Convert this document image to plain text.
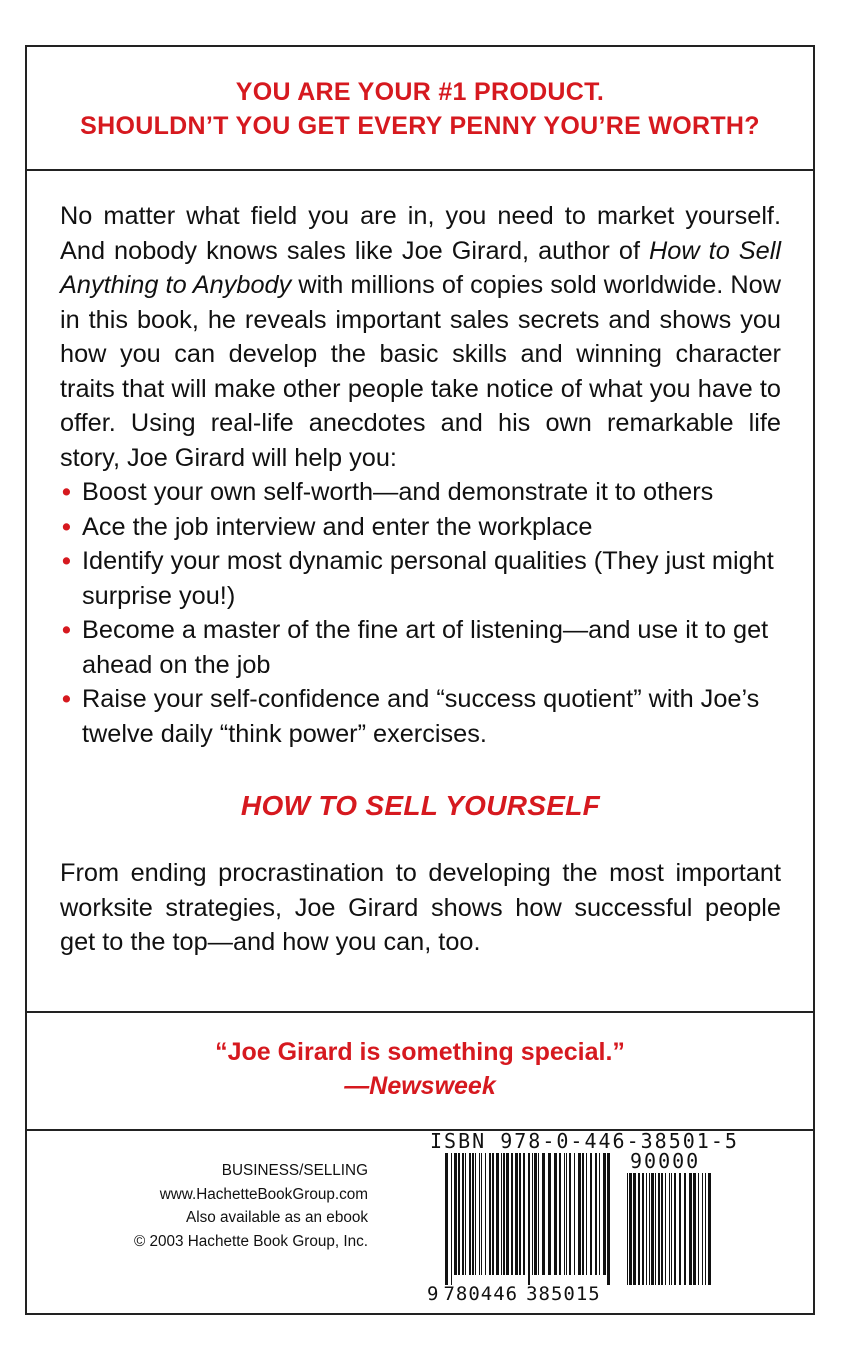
YOU ARE YOUR #1 PRODUCT.
SHOULDN’T YOU GET EVERY PENNY YOU’RE WORTH?

No matter what field you are in, you need to market yourself. And nobody knows sales like Joe Girard, author of How to Sell Anything to Anybody with millions of copies sold worldwide. Now in this book, he reveals important sales secrets and shows you how you can develop the basic skills and winning character traits that will make other people take notice of what you have to offer. Using real-life anecdotes and his own remarkable life story, Joe Girard will help you:

• Boost your own self-worth—and demonstrate it to others
• Ace the job interview and enter the workplace
• Identify your most dynamic personal qualities (They just might surprise you!)
• Become a master of the fine art of listening—and use it to get ahead on the job
• Raise your self-confidence and “success quotient” with Joe’s twelve daily “think power” exercises.
HOW TO SELL YOURSELF

From ending procrastination to developing the most important worksite strategies, Joe Girard shows how successful people get to the top—and how you can, too.

“Joe Girard is something special.”
—Newsweek
BUSINESS/SELLING
www.HachetteBookGroup.com
Also available as an ebook
© 2003 Hachette Book Group, Inc.
ISBN 978-0-446-38501-5
90000
9 780446 385015
